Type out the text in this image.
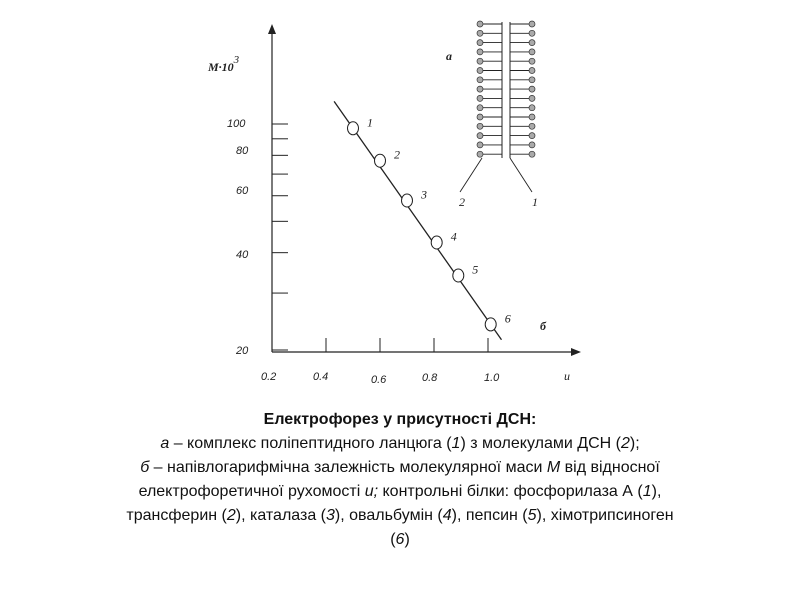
M·103
u
б
а
20
40
60
80
100
0.2	0.4	0.6	0.8	1.0
1
2
3
4
5
6
2	1
Електрофорез у присутності ДСН:
а – комплекс поліпептидного ланцюга (1) з молекулами ДСН (2);
б – напівлогарифмічна залежність молекулярної маси М від відносної
електрофоретичної рухомості u; контрольні білки: фосфорилаза А (1),
трансферин (2), каталаза (3), овальбумін (4), пепсин (5), хімотрипсиноген
(6)
